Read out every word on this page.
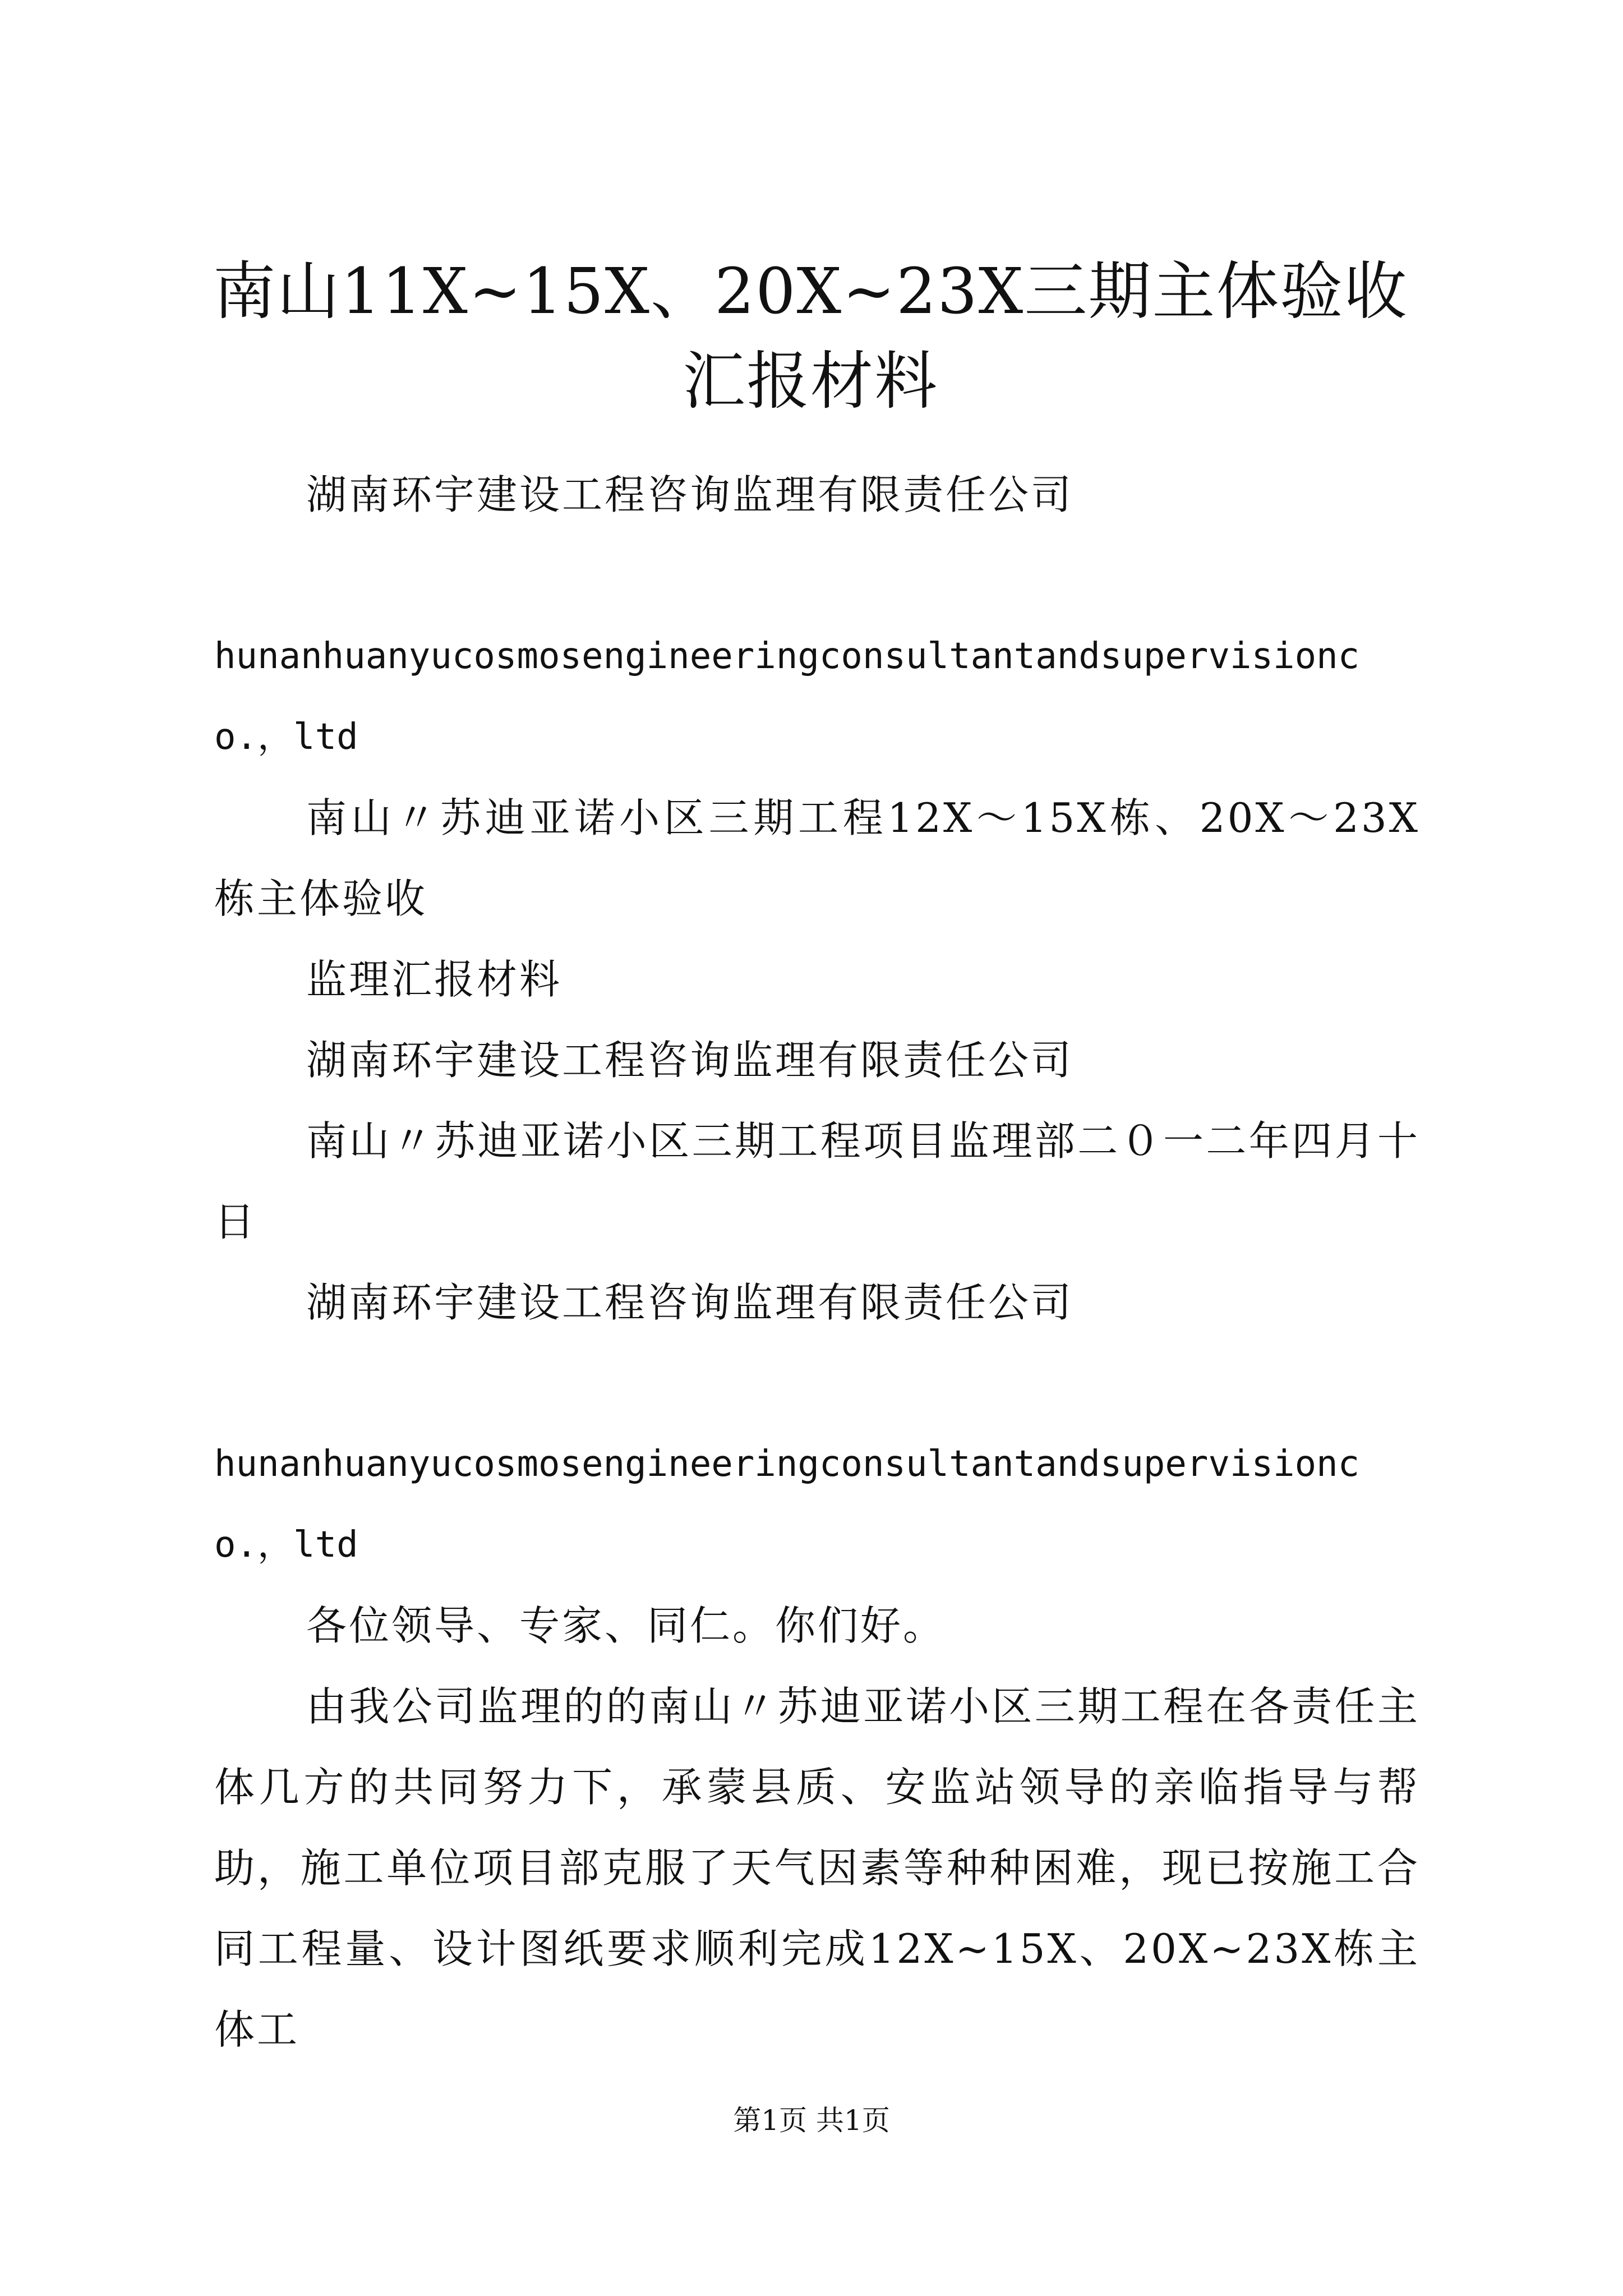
南山11X~15X、20X~23X三期主体验收汇报材料

湖南环宇建设工程咨询监理有限责任公司

hunanhuanyucosmosengineeringconsultantandsupervisionco.，ltd

南山〃苏迪亚诺小区三期工程12X～15X栋、20X～23X栋主体验收

监理汇报材料

湖南环宇建设工程咨询监理有限责任公司

南山〃苏迪亚诺小区三期工程项目监理部二０一二年四月十日

湖南环宇建设工程咨询监理有限责任公司

hunanhuanyucosmosengineeringconsultantandsupervisionco.，ltd

各位领导、专家、同仁。你们好。

由我公司监理的的南山〃苏迪亚诺小区三期工程在各责任主体几方的共同努力下，承蒙县质、安监站领导的亲临指导与帮助，施工单位项目部克服了天气因素等种种困难，现已按施工合同工程量、设计图纸要求顺利完成12X~15X、20X~23X栋主体工

第1页 共1页
